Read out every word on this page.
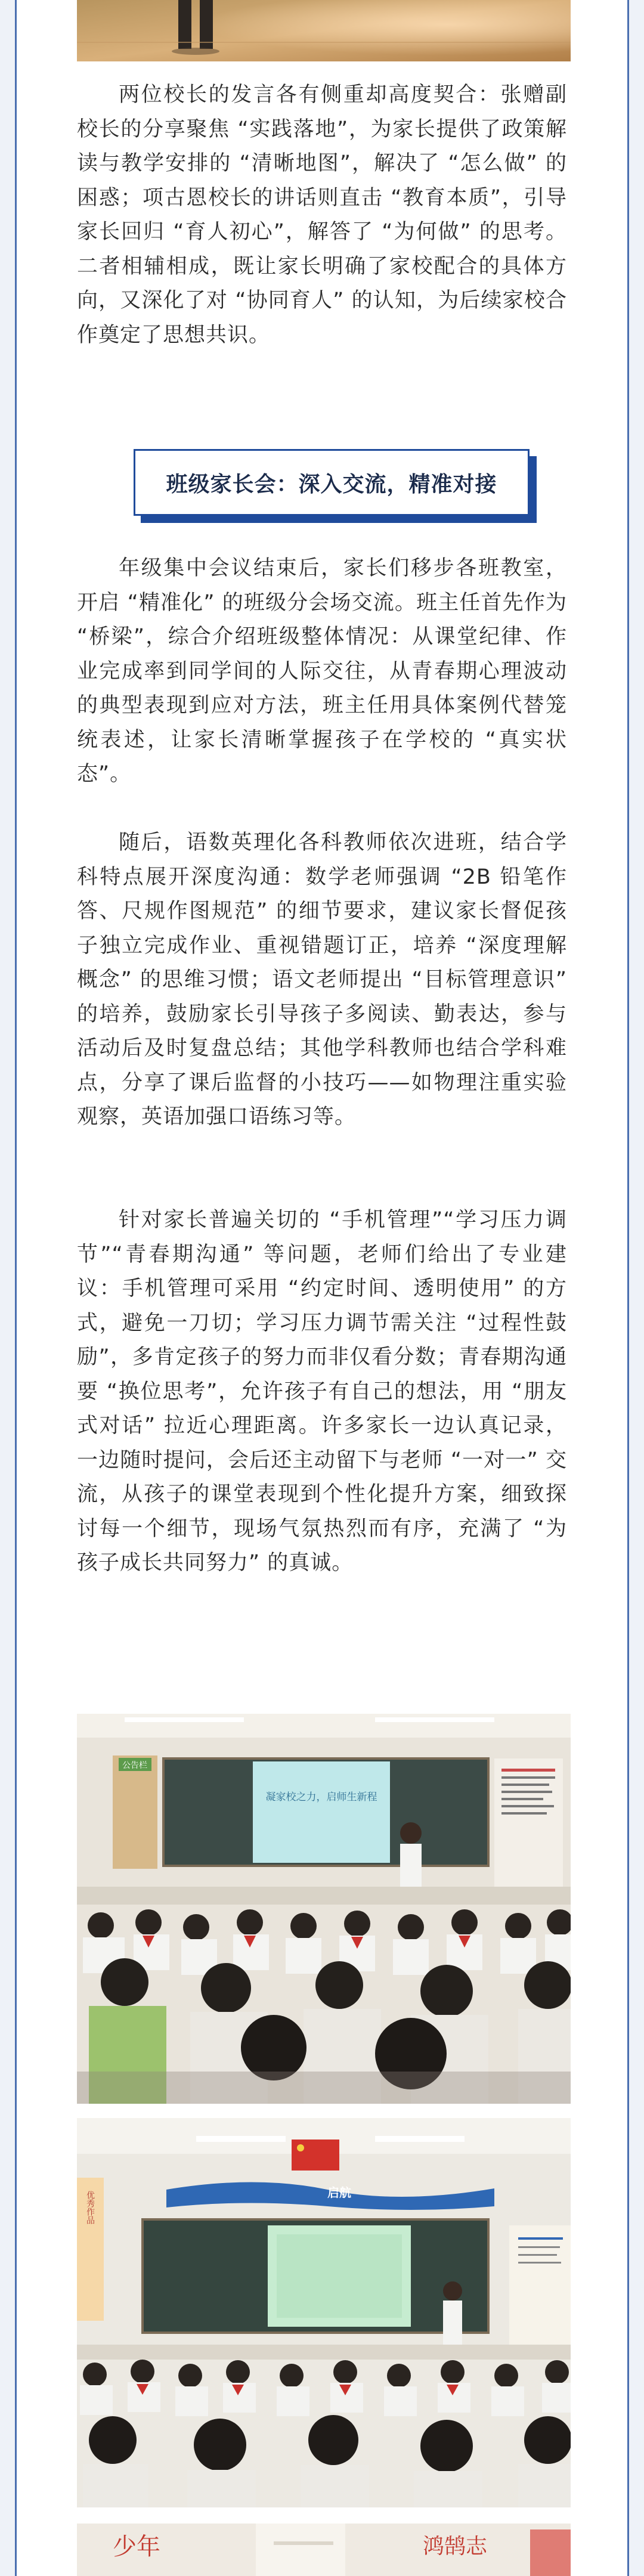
两位校长的发言各有侧重却高度契合：张赠副校长的分享聚焦 “实践落地”，为家长提供了政策解读与教学安排的 “清晰地图”，解决了 “怎么做” 的困惑；项古恩校长的讲话则直击 “教育本质”，引导家长回归 “育人初心”，解答了 “为何做” 的思考。二者相辅相成，既让家长明确了家校配合的具体方向，又深化了对 “协同育人” 的认知，为后续家校合作奠定了思想共识。

班级家长会：深入交流，精准对接

年级集中会议结束后，家长们移步各班教室，开启 “精准化” 的班级分会场交流。班主任首先作为 “桥梁”，综合介绍班级整体情况：从课堂纪律、作业完成率到同学间的人际交往，从青春期心理波动的典型表现到应对方法，班主任用具体案例代替笼统表述，让家长清晰掌握孩子在学校的 “真实状态”。

随后，语数英理化各科教师依次进班，结合学科特点展开深度沟通：数学老师强调 “2B 铅笔作答、尺规作图规范” 的细节要求，建议家长督促孩子独立完成作业、重视错题订正，培养 “深度理解概念” 的思维习惯；语文老师提出 “目标管理意识” 的培养，鼓励家长引导孩子多阅读、勤表达，参与活动后及时复盘总结；其他学科教师也结合学科难点，分享了课后监督的小技巧——如物理注重实验观察，英语加强口语练习等。

针对家长普遍关切的 “手机管理”“学习压力调节”“青春期沟通” 等问题，老师们给出了专业建议：手机管理可采用 “约定时间、透明使用” 的方式，避免一刀切；学习压力调节需关注 “过程性鼓励”，多肯定孩子的努力而非仅看分数；青春期沟通要 “换位思考”，允许孩子有自己的想法，用 “朋友式对话” 拉近心理距离。许多家长一边认真记录，一边随时提问，会后还主动留下与老师 “一对一” 交流，从孩子的课堂表现到个性化提升方案，细致探讨每一个细节，现场气氛热烈而有序，充满了 “为孩子成长共同努力” 的真诚。

公告栏
凝家校之力，启师生新程
启航
优秀作品
少年	鸿鹄志
